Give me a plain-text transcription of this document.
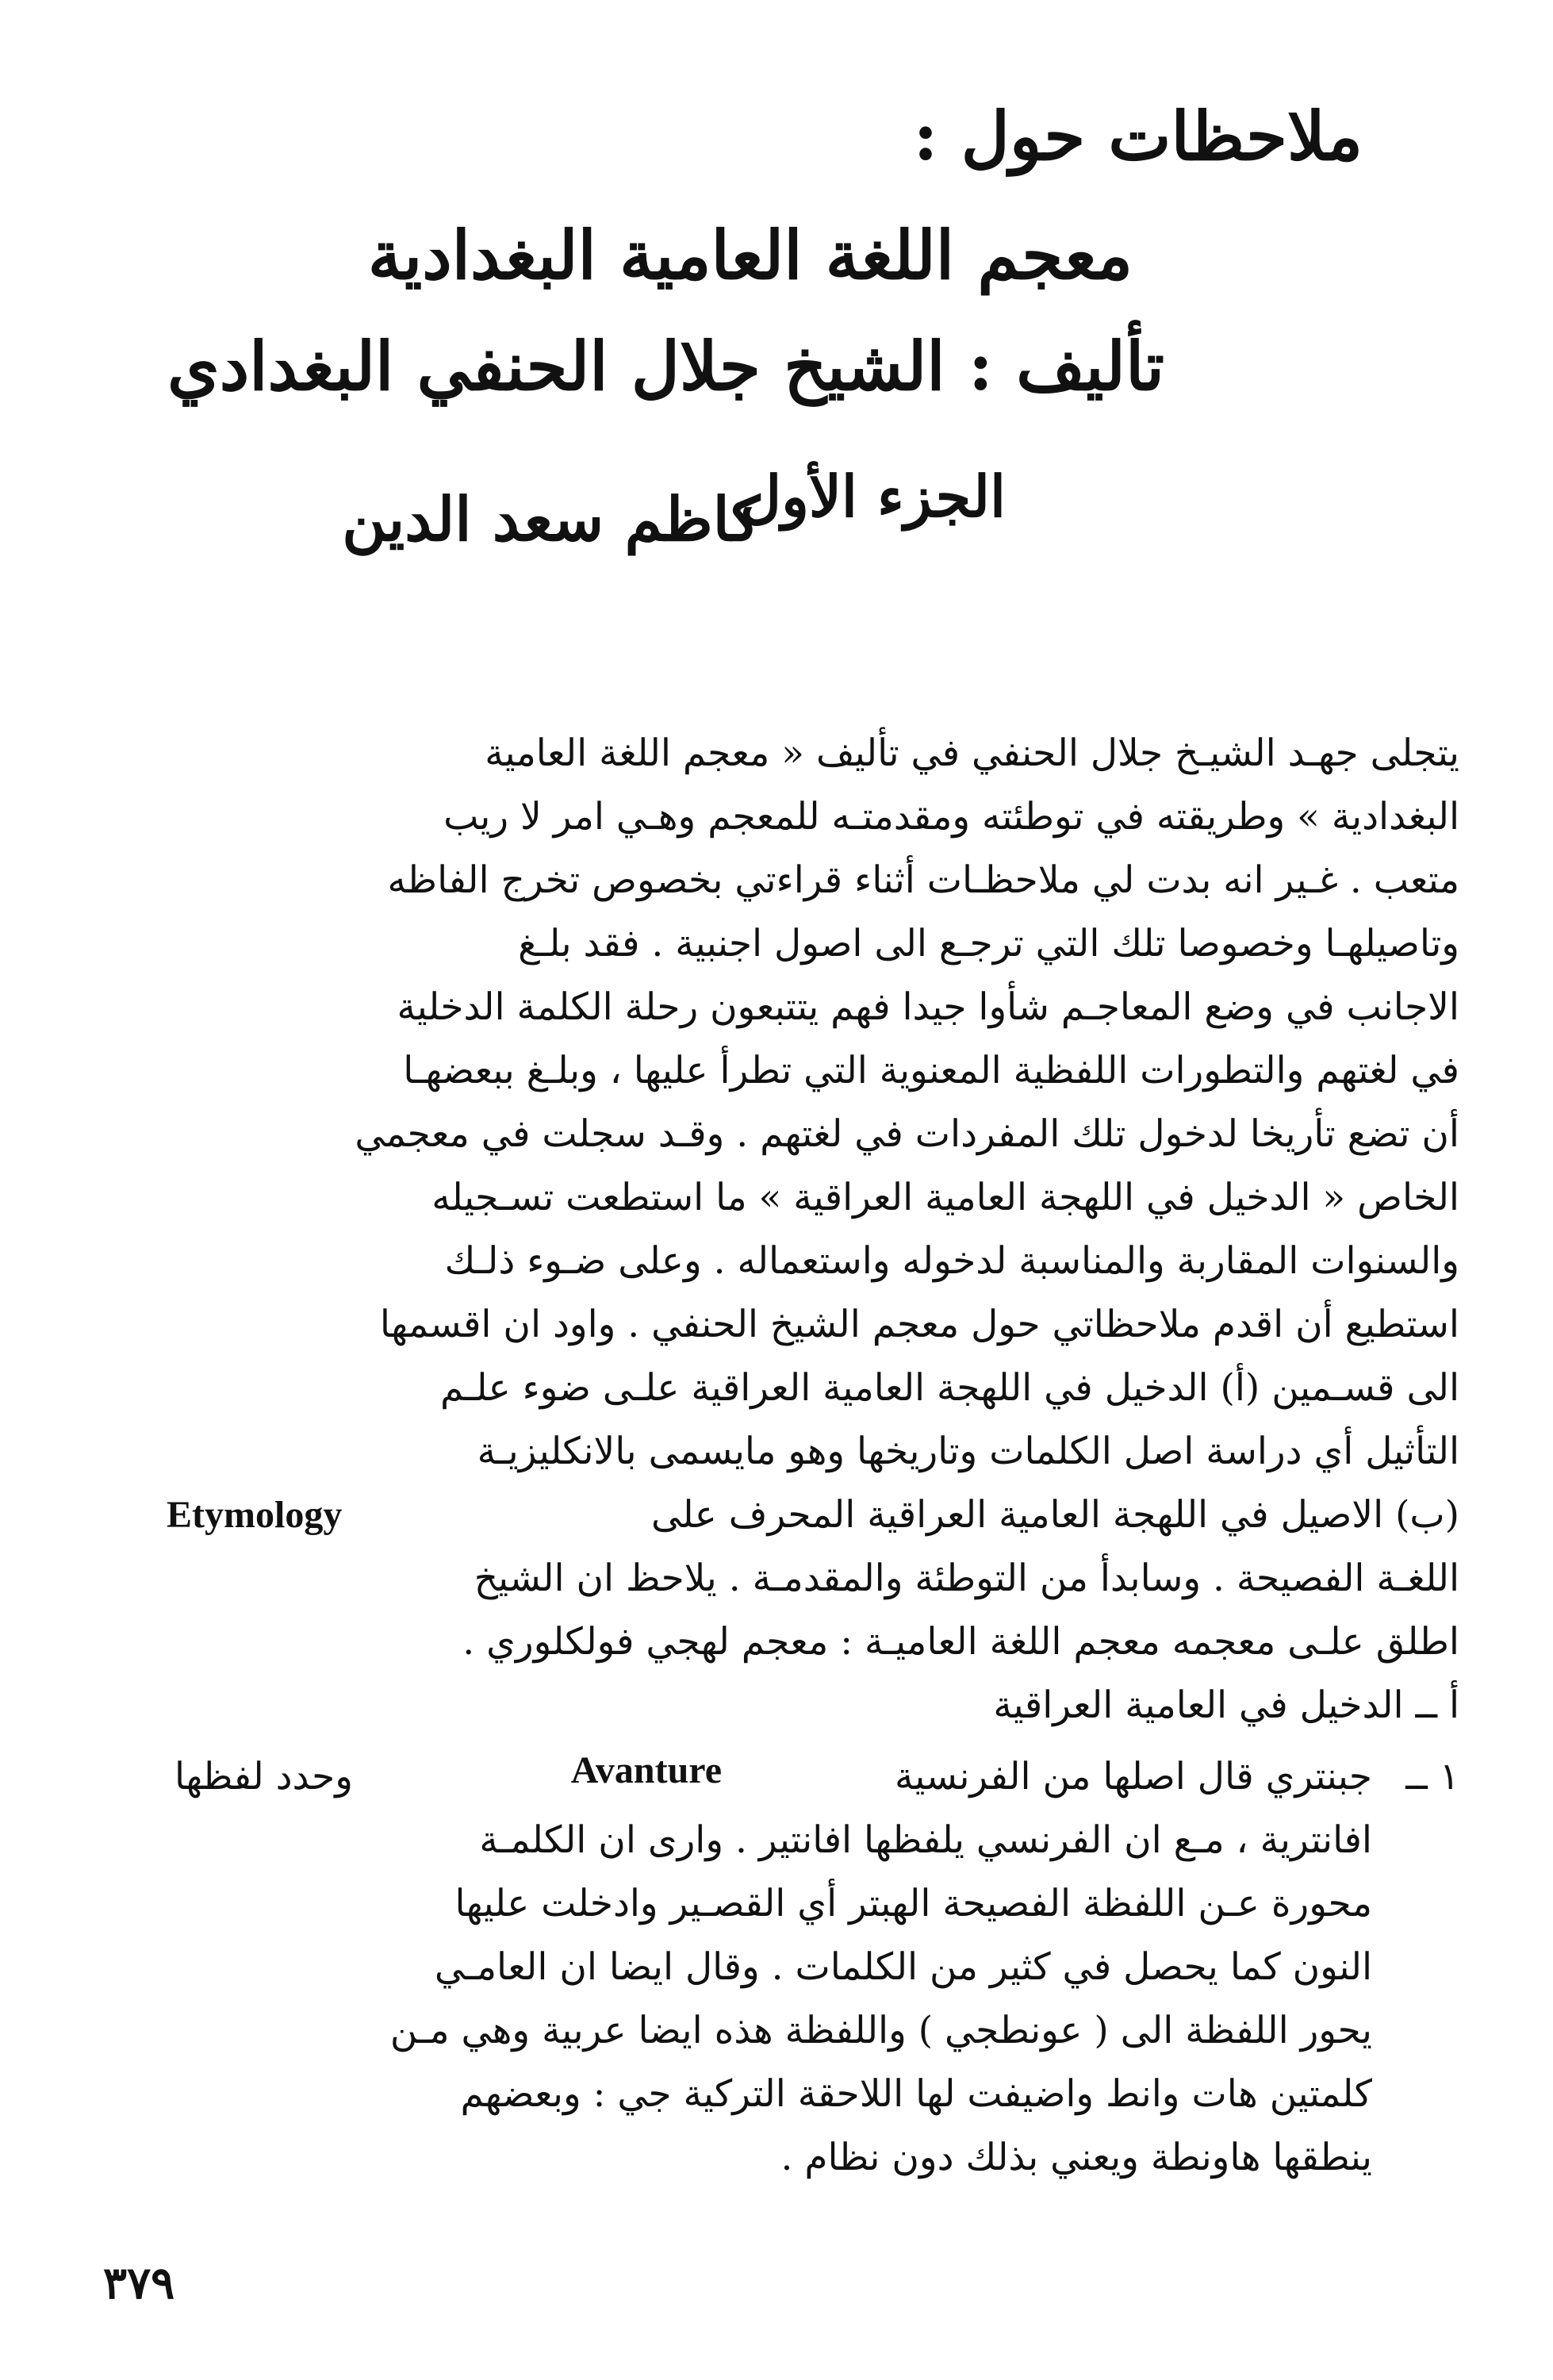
ملاحظات حول :
معجم اللغة العامية البغدادية
تأليف : الشيخ جلال الحنفي البغدادي
الجزء الأول
كاظم سعد الدين
يتجلى جهـد الشيـخ جلال الحنفي في تأليف « معجم اللغة العامية
البغدادية » وطريقته في توطئته ومقدمتـه للمعجم وهـي امر لا ريب
متعب . غـير انه بدت لي ملاحظـات أثناء قراءتي بخصوص تخرج الفاظه
وتاصيلهـا وخصوصا تلك التي ترجـع الى اصول اجنبية . فقد بلـغ
الاجانب في وضع المعاجـم شأوا جيدا فهم يتتبعون رحلة الكلمة الدخلية
في لغتهم والتطورات اللفظية المعنوية التي تطرأ عليها ، وبلـغ ببعضهـا
أن تضع تأريخا لدخول تلك المفردات في لغتهم . وقـد سجلت في معجمي
الخاص « الدخيل في اللهجة العامية العراقية » ما استطعت تسـجيله
والسنوات المقاربة والمناسبة لدخوله واستعماله . وعلى ضـوء ذلـك
استطيع أن اقدم ملاحظاتي حول معجم الشيخ الحنفي . واود ان اقسمها
الى قسـمين (أ) الدخيل في اللهجة العامية العراقية علـى ضوء علـم
التأثيل أي دراسة اصل الكلمات وتاريخها وهو مايسمى بالانكليزيـة
(ب) الاصيل في اللهجة العامية العراقية المحرف على
Etymology
اللغـة الفصيحة . وسابدأ من التوطئة والمقدمـة . يلاحظ ان الشيخ
اطلق علـى معجمه معجم اللغة العاميـة : معجم لهجي فولكلوري .
أ ــ الدخيل في العامية العراقية
١ ــ
جبنتري قال اصلها من الفرنسية
Avanture
وحدد لفظها
افانترية ، مـع ان الفرنسي يلفظها افانتير . وارى ان الكلمـة
محورة عـن اللفظة الفصيحة الهبتر أي القصـير وادخلت عليها
النون كما يحصل في كثير من الكلمات . وقال ايضا ان العامـي
يحور اللفظة الى ( عونطجي ) واللفظة هذه ايضا عربية وهي مـن
كلمتين هات وانط واضيفت لها اللاحقة التركية جي : وبعضهم
ينطقها هاونطة ويعني بذلك دون نظام .
٣٧٩
